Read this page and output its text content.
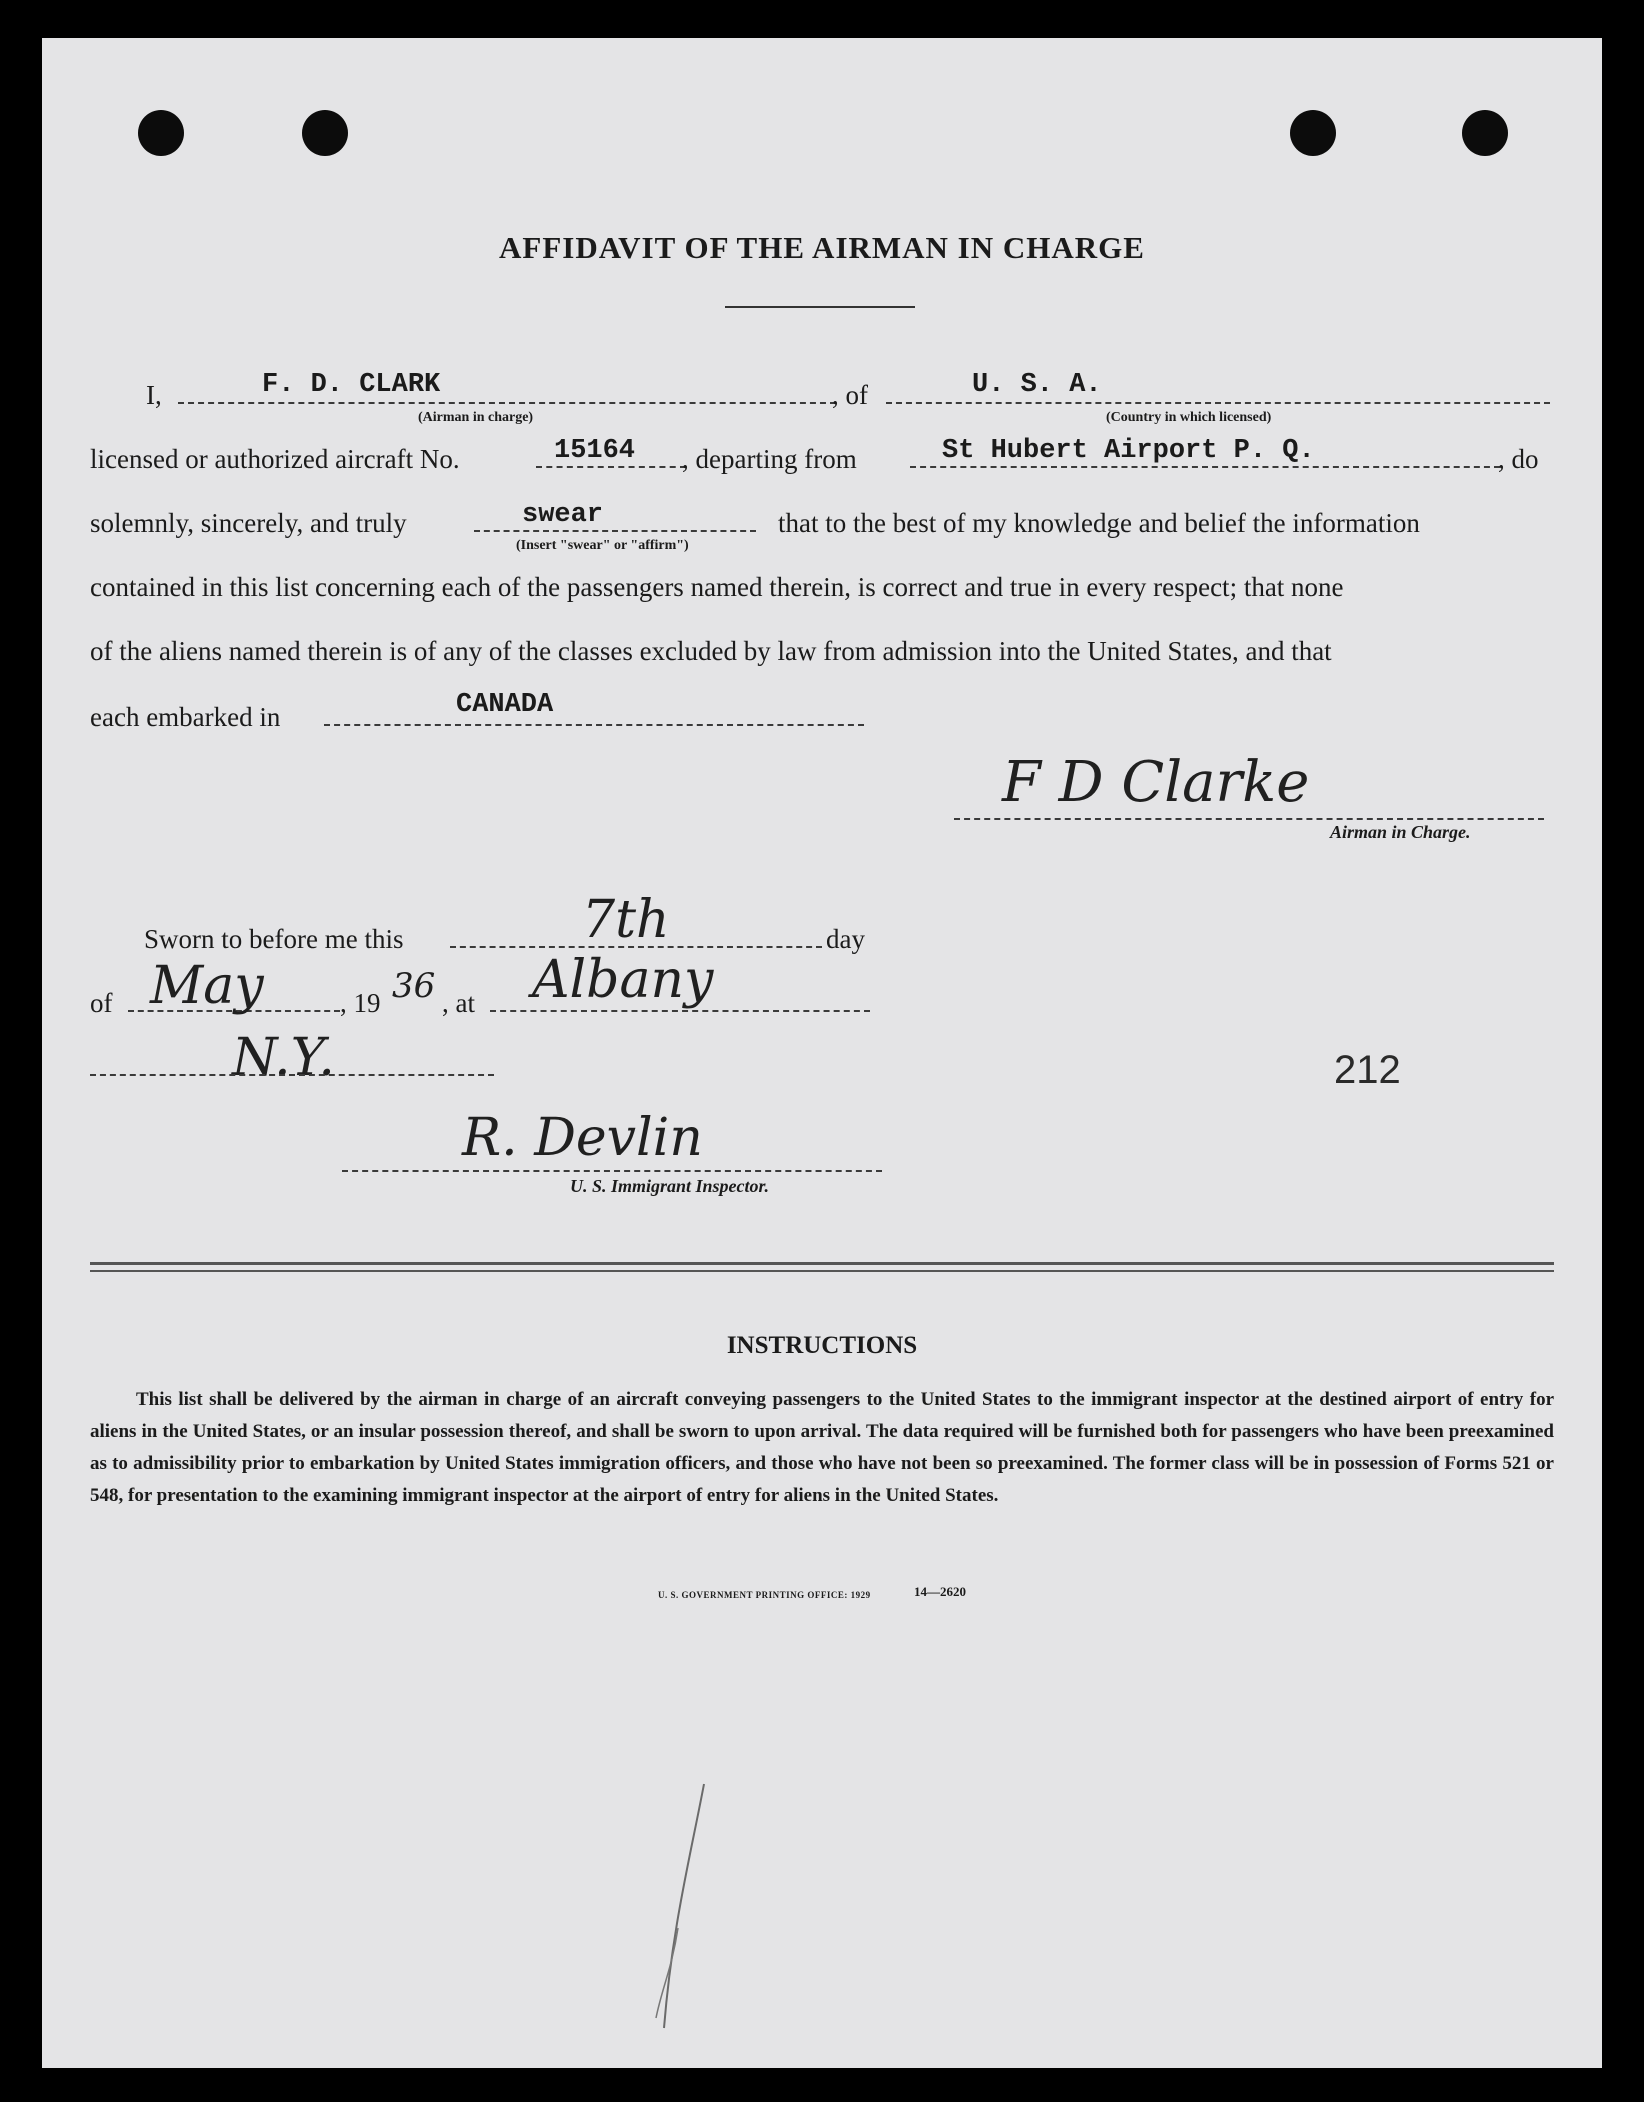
AFFIDAVIT OF THE AIRMAN IN CHARGE
I,	F. D. CLARK
(Airman in charge)
, of	U. S. A.
(Country in which licensed)
licensed or authorized aircraft No.	15164 , departing from	St Hubert Airport P. Q.	, do
solemnly, sincerely, and truly	swear
(Insert "swear" or "affirm")
that to the best of my knowledge and belief the information
contained in this list concerning each of the passengers named therein, is correct and true in every respect; that none
of the aliens named therein is of any of the classes excluded by law from admission into the United States, and that
each embarked in	CANADA
F D Clarke
Airman in Charge.
Sworn to before me this	7th	day
of May	, 19 36 , at Albany
N.Y.
R. Devlin
U. S. Immigrant Inspector.
212
INSTRUCTIONS
This list shall be delivered by the airman in charge of an aircraft conveying passengers to the United States to the immigrant inspector at the destined airport of entry for aliens in the United States, or an insular possession thereof, and shall be sworn to upon arrival. The data required will be furnished both for passengers who have been preexamined as to admissibility prior to embarkation by United States immigration officers, and those who have not been so preexamined. The former class will be in possession of Forms 521 or 548, for presentation to the examining immigrant inspector at the airport of entry for aliens in the United States.
U. S. GOVERNMENT PRINTING OFFICE: 1929	14—2620
